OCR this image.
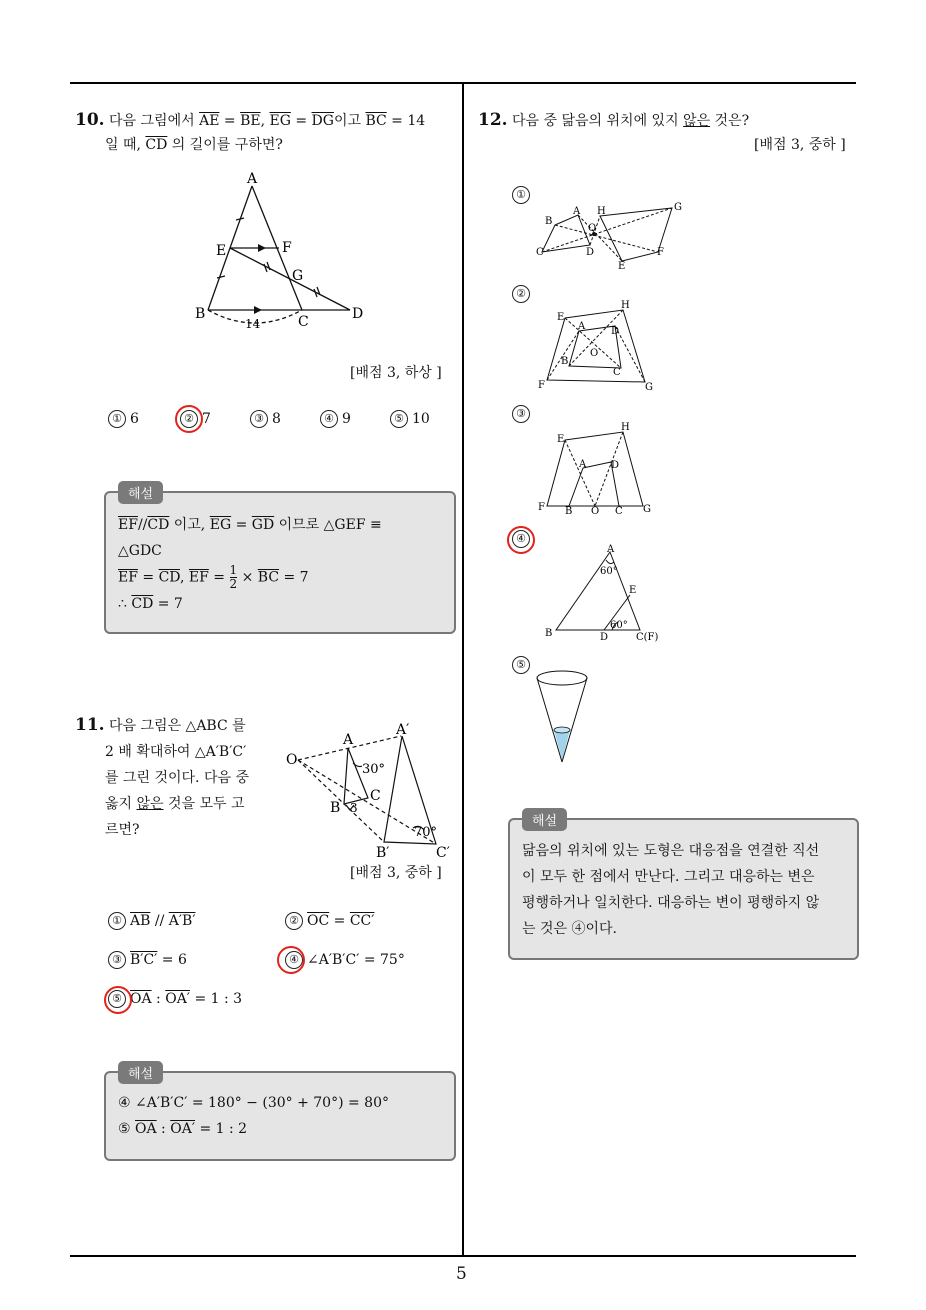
5
10. 다음 그림에서 $\overline{AE} = \overline{BE}$, $\overline{EG} = \overline{DG}$이고 $\overline{BC} = 14$
일 때, $\overline{CD}$ 의 길이를 구하면?
A
E	F
G
B	C	D
14
[배점 3, 하상 ]
① 6	② 7	③ 8	④ 9	⑤ 10
해설
$\overline{EF}//\overline{CD}$ 이고, $\overline{EG} = \overline{GD}$ 이므로 △GEF ≡
△GDC
$\overline{EF} = \overline{CD}$, $\overline{EF} = \frac{1}{2} \times \overline{BC} = 7$
∴ $\overline{CD} = 7$
11. 다음 그림은 △ABC 를
2 배 확대하여 △A′B′C′
를 그린 것이다. 다음 중
옳지 않은 것을 모두 고
르면?
O
A
A′
B
C
30°
3
70°
B′	C′
[배점 3, 중하 ]
① $\overline{AB} // A'B'$	② $\overline{OC} = CC'$
③ B′C′ = 6	④ ∠A′B′C′ = 75°
⑤ $\overline{OA}$ : OA′ = 1 : 3
해설
④ ∠A′B′C′ = 180° − (30° + 70°) = 80°
⑤ $\overline{OA}$ : OA′ = 1 : 2
12. 다음 중 닮음의 위치에 있지 않은 것은?
[배점 3, 중하 ]
①
②
③
④
⑤
B
A
C	D
H	G
F
E
O
E
H
A	D
O
B
C
F	G
E
H
A D
F B O C G
A
60°
E
60°
B	D	C(F)
해설
닮음의 위치에 있는 도형은 대응점을 연결한 직선
이 모두 한 점에서 만난다. 그리고 대응하는 변은
평행하거나 일치한다. 대응하는 변이 평행하지 않
는 것은 ④이다.
